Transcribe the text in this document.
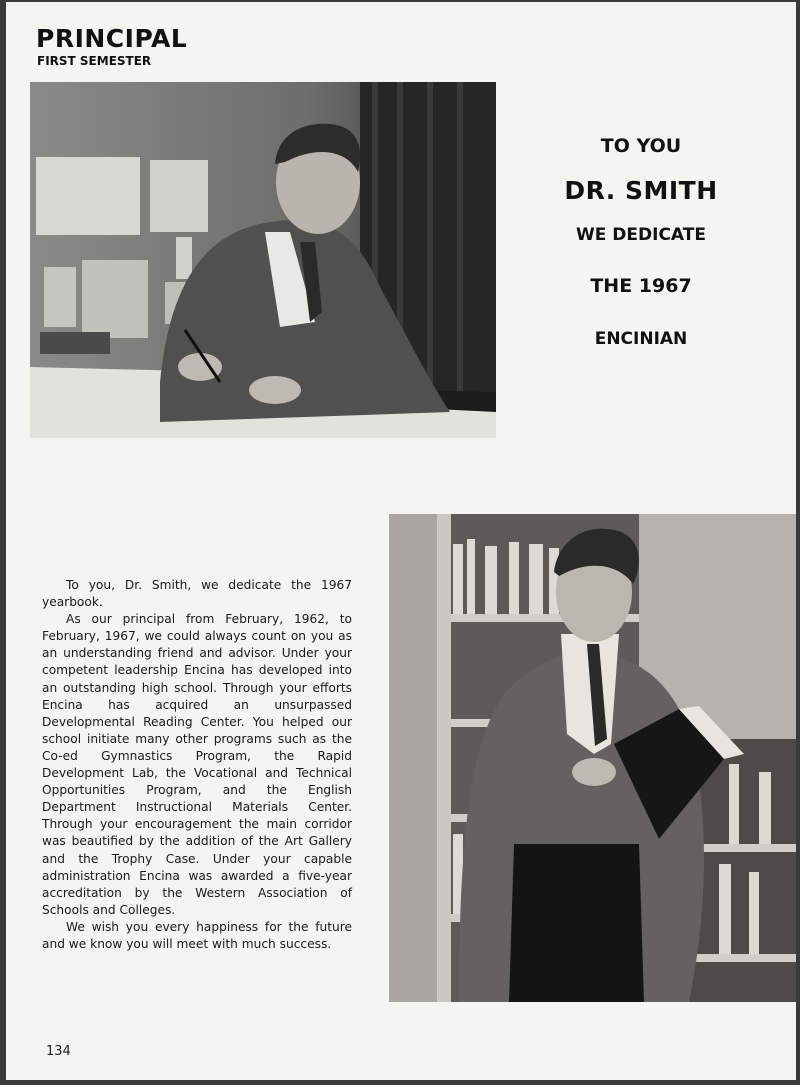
PRINCIPAL
FIRST SEMESTER
TO YOU
DR. SMITH
WE DEDICATE
THE 1967
ENCINIAN

To you, Dr. Smith, we dedicate the 1967 yearbook.

As our principal from February, 1962, to February, 1967, we could always count on you as an understanding friend and advisor. Under your competent leadership Encina has developed into an outstanding high school. Through your efforts Encina has acquired an unsurpassed Developmental Reading Center. You helped our school initiate many other programs such as the Co-ed Gymnastics Program, the Rapid Development Lab, the Vocational and Technical Opportunities Program, and the English Department Instructional Materials Center. Through your encouragement the main corridor was beautified by the addition of the Art Gallery and the Trophy Case. Under your capable administration Encina was awarded a five-year accreditation by the Western Association of Schools and Colleges.

We wish you every happiness for the future and we know you will meet with much success.

134
